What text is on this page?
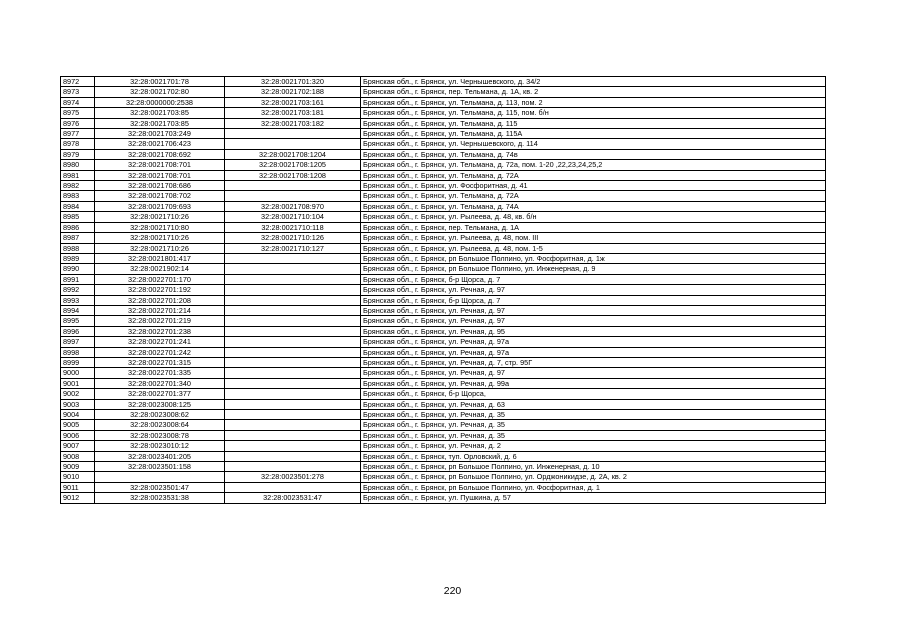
8972	32:28:0021701:78	32:28:0021701:320	Брянская обл., г. Брянск, ул. Чернышевского, д. 34/2
8973	32:28:0021702:80	32:28:0021702:188	Брянская обл., г. Брянск, пер. Тельмана, д. 1А, кв. 2
8974	32:28:0000000:2538	32:28:0021703:161	Брянская обл., г. Брянск, ул. Тельмана, д. 113, пом. 2
8975	32:28:0021703:85	32:28:0021703:181	Брянская обл., г. Брянск, ул. Тельмана, д. 115, пом. б/н
8976	32:28:0021703:85	32:28:0021703:182	Брянская обл., г. Брянск, ул. Тельмана, д. 115
8977	32:28:0021703:249		Брянская обл., г. Брянск, ул. Тельмана, д. 115А
8978	32:28:0021706:423		Брянская обл., г. Брянск, ул. Чернышевского, д. 114
8979	32:28:0021708:692	32:28:0021708:1204	Брянская обл., г. Брянск, ул. Тельмана, д. 74в
8980	32:28:0021708:701	32:28:0021708:1205	Брянская обл., г. Брянск, ул. Тельмана, д. 72а, пом. 1-20 ,22,23,24,25,2
8981	32:28:0021708:701	32:28:0021708:1208	Брянская обл., г. Брянск, ул. Тельмана, д. 72А
8982	32:28:0021708:686		Брянская обл., г. Брянск, ул. Фосфоритная, д. 41
8983	32:28:0021708:702		Брянская обл., г. Брянск, ул. Тельмана, д. 72А
8984	32:28:0021709:693	32:28:0021708:970	Брянская обл., г. Брянск, ул. Тельмана, д. 74А
8985	32:28:0021710:26	32:28:0021710:104	Брянская обл., г. Брянск, ул. Рылеева, д. 48, кв. б/н
8986	32:28:0021710:80	32:28:0021710:118	Брянская обл., г. Брянск, пер. Тельмана, д. 1А
8987	32:28:0021710:26	32:28:0021710:126	Брянская обл., г. Брянск, ул. Рылеева, д. 48, пом. III
8988	32:28:0021710:26	32:28:0021710:127	Брянская обл., г. Брянск, ул. Рылеева, д. 48, пом. 1-5
8989	32:28:0021801:417		Брянская обл., г. Брянск, рп Большое Полпино, ул. Фосфоритная, д. 1ж
8990	32:28:0021902:14		Брянская обл., г. Брянск, рп Большое Полпино, ул. Инженерная, д. 9
8991	32:28:0022701:170		Брянская обл., г. Брянск, б-р Щорса, д. 7
8992	32:28:0022701:192		Брянская обл., г. Брянск, ул. Речная, д. 97
8993	32:28:0022701:208		Брянская обл., г. Брянск, б-р Щорса, д. 7
8994	32:28:0022701:214		Брянская обл., г. Брянск, ул. Речная, д. 97
8995	32:28:0022701:219		Брянская обл., г. Брянск, ул. Речная, д. 97
8996	32:28:0022701:238		Брянская обл., г. Брянск, ул. Речная, д. 95
8997	32:28:0022701:241		Брянская обл., г. Брянск, ул. Речная, д. 97а
8998	32:28:0022701:242		Брянская обл., г. Брянск, ул. Речная, д. 97а
8999	32:28:0022701:315		Брянская обл., г. Брянск, ул. Речная, д. 7, стр. 95Г
9000	32:28:0022701:335		Брянская обл., г. Брянск, ул. Речная, д. 97
9001	32:28:0022701:340		Брянская обл., г. Брянск, ул. Речная, д. 99а
9002	32:28:0022701:377		Брянская обл., г. Брянск, б-р Щорса,
9003	32:28:0023008:125		Брянская обл., г. Брянск, ул. Речная, д. 63
9004	32:28:0023008:62		Брянская обл., г. Брянск, ул. Речная, д. 35
9005	32:28:0023008:64		Брянская обл., г. Брянск, ул. Речная, д. 35
9006	32:28:0023008:78		Брянская обл., г. Брянск, ул. Речная, д. 35
9007	32:28:0023010:12		Брянская обл., г. Брянск, ул. Речная, д. 2
9008	32:28:0023401:205		Брянская обл., г. Брянск, туп. Орловский, д. 6
9009	32:28:0023501:158		Брянская обл., г. Брянск, рп Большое Полпино, ул. Инженерная, д. 10
9010		32:28:0023501:278	Брянская обл., г. Брянск, рп Большое Полпино, ул. Орджоникидзе, д. 2А, кв. 2
9011	32:28:0023501:47		Брянская обл., г. Брянск, рп Большое Полпино, ул. Фосфоритная, д. 1
9012	32:28:0023531:38	32:28:0023531:47	Брянская обл., г. Брянск, ул. Пушкина, д. 57
220
